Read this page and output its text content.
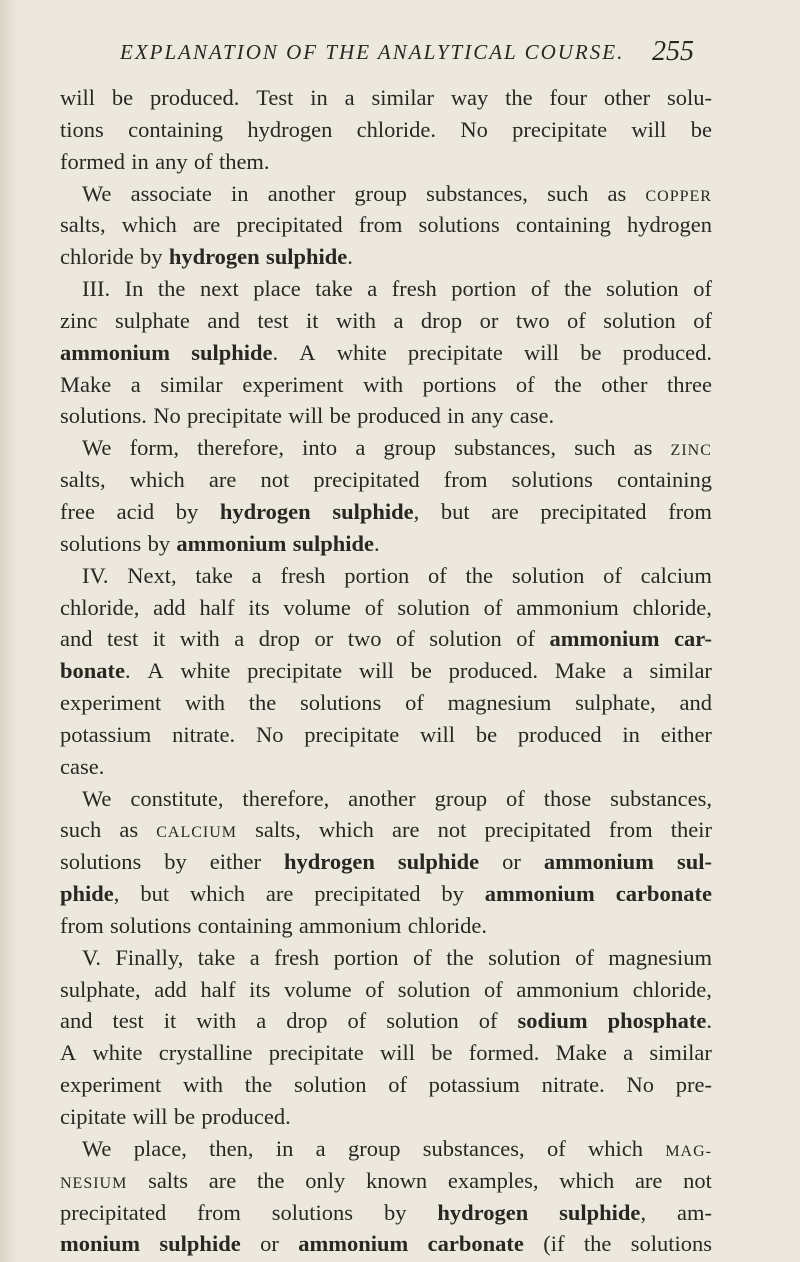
EXPLANATION OF THE ANALYTICAL COURSE. 255
will be produced. Test in a similar way the four other solu-
tions containing hydrogen chloride. No precipitate will be
formed in any of them.
We associate in another group substances, such as COPPER
salts, which are precipitated from solutions containing hydrogen
chloride by hydrogen sulphide.
III. In the next place take a fresh portion of the solution of
zinc sulphate and test it with a drop or two of solution of
ammonium sulphide. A white precipitate will be produced.
Make a similar experiment with portions of the other three
solutions. No precipitate will be produced in any case.
We form, therefore, into a group substances, such as ZINC
salts, which are not precipitated from solutions containing
free acid by hydrogen sulphide, but are precipitated from
solutions by ammonium sulphide.
IV. Next, take a fresh portion of the solution of calcium
chloride, add half its volume of solution of ammonium chloride,
and test it with a drop or two of solution of ammonium car-
bonate. A white precipitate will be produced. Make a similar
experiment with the solutions of magnesium sulphate, and
potassium nitrate. No precipitate will be produced in either
case.
We constitute, therefore, another group of those substances,
such as CALCIUM salts, which are not precipitated from their
solutions by either hydrogen sulphide or ammonium sul-
phide, but which are precipitated by ammonium carbonate
from solutions containing ammonium chloride.
V. Finally, take a fresh portion of the solution of magnesium
sulphate, add half its volume of solution of ammonium chloride,
and test it with a drop of solution of sodium phosphate.
A white crystalline precipitate will be formed. Make a similar
experiment with the solution of potassium nitrate. No pre-
cipitate will be produced.
We place, then, in a group substances, of which MAG-
NESIUM salts are the only known examples, which are not
precipitated from solutions by hydrogen sulphide, am-
monium sulphide or ammonium carbonate (if the solutions
